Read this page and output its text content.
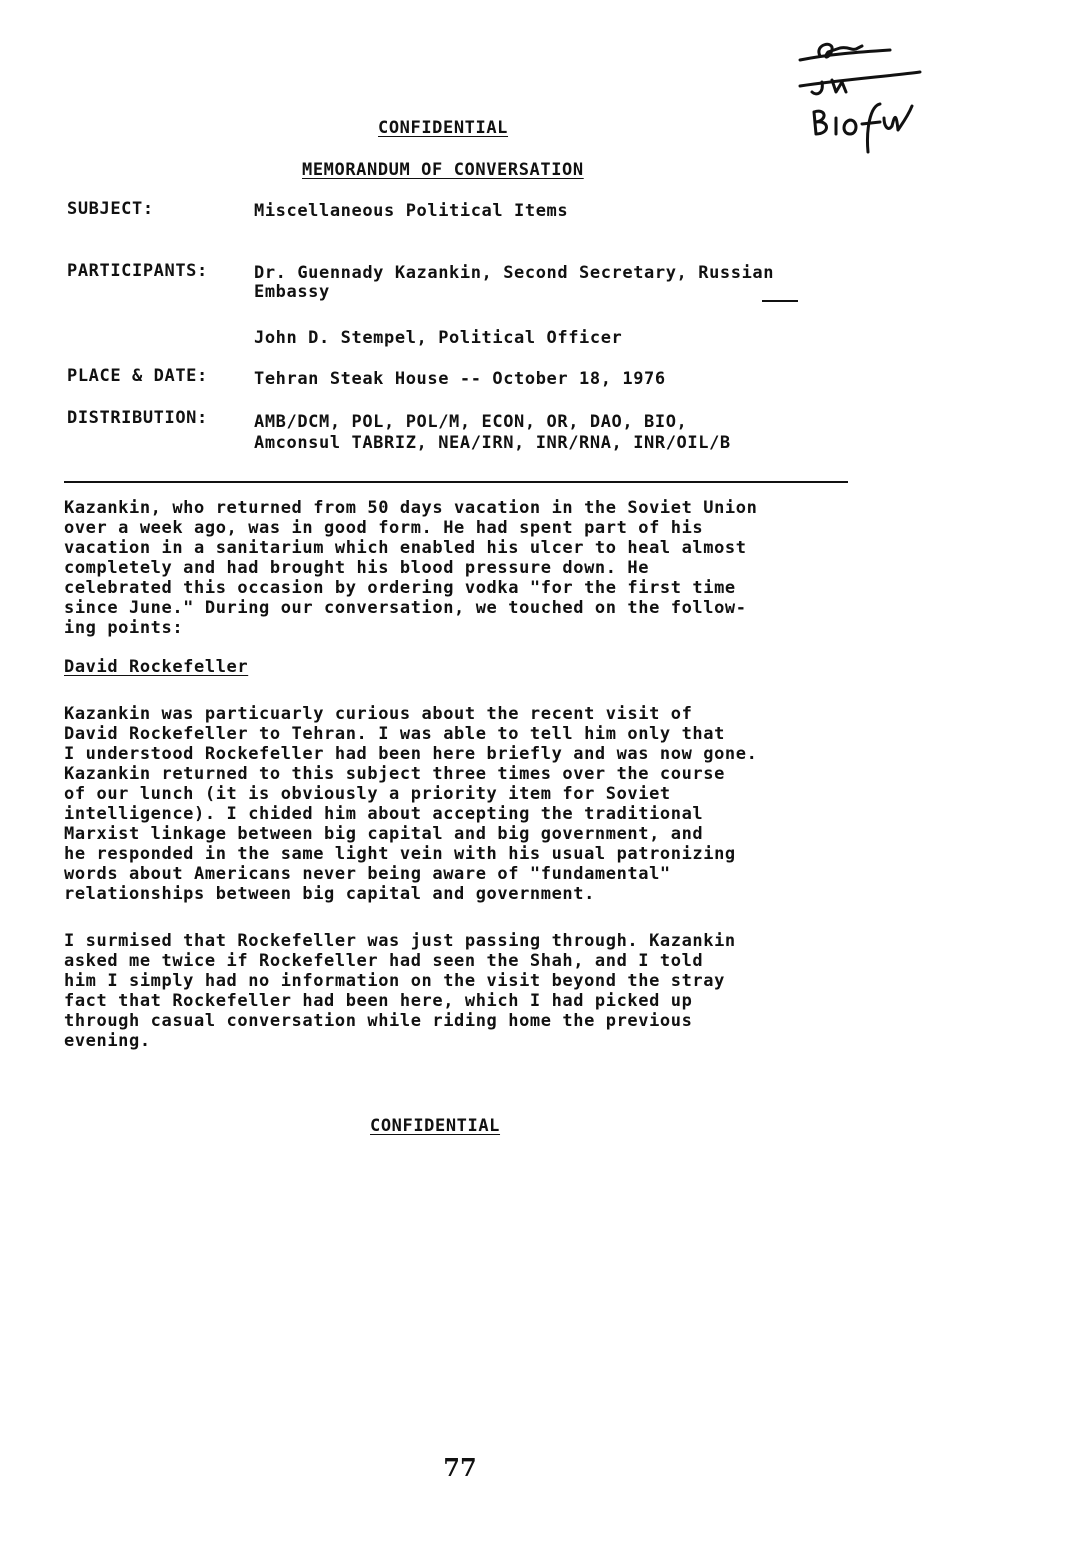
CONFIDENTIAL
MEMORANDUM OF CONVERSATION
SUBJECT:	Miscellaneous Political Items
PARTICIPANTS:	Dr. Guennady Kazankin, Second Secretary, Russian
Embassy
John D. Stempel, Political Officer
PLACE & DATE:	Tehran Steak House -- October 18, 1976
DISTRIBUTION:	AMB/DCM, POL, POL/M, ECON, OR, DAO, BIO,
Amconsul TABRIZ, NEA/IRN, INR/RNA, INR/OIL/B
Kazankin, who returned from 50 days vacation in the Soviet Union
over a week ago, was in good form. He had spent part of his
vacation in a sanitarium which enabled his ulcer to heal almost
completely and had brought his blood pressure down. He
celebrated this occasion by ordering vodka "for the first time
since June." During our conversation, we touched on the follow-
ing points:
David Rockefeller
Kazankin was particuarly curious about the recent visit of
David Rockefeller to Tehran. I was able to tell him only that
I understood Rockefeller had been here briefly and was now gone.
Kazankin returned to this subject three times over the course
of our lunch (it is obviously a priority item for Soviet
intelligence). I chided him about accepting the traditional
Marxist linkage between big capital and big government, and
he responded in the same light vein with his usual patronizing
words about Americans never being aware of "fundamental"
relationships between big capital and government.
I surmised that Rockefeller was just passing through. Kazankin
asked me twice if Rockefeller had seen the Shah, and I told
him I simply had no information on the visit beyond the stray
fact that Rockefeller had been here, which I had picked up
through casual conversation while riding home the previous
evening.
CONFIDENTIAL
77
